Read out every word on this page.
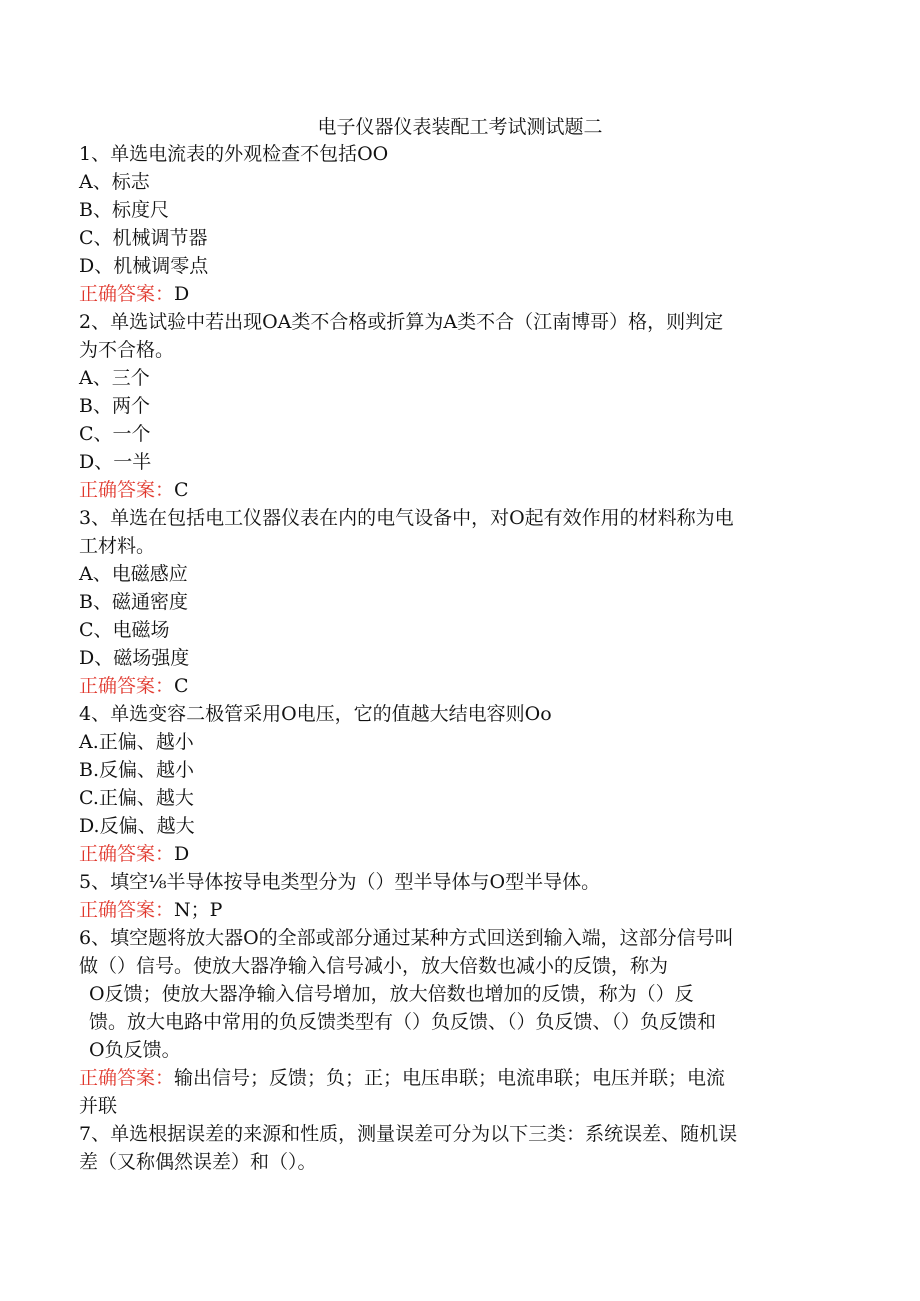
电子仪器仪表装配工考试测试题二
1、单选电流表的外观检查不包括OO
A、标志
B、标度尺
C、机械调节器
D、机械调零点
正确答案：D
2、单选试验中若出现OA类不合格或折算为A类不合（江南博哥）格，则判定
为不合格。
A、三个
B、两个
C、一个
D、一半
正确答案：C
3、单选在包括电工仪器仪表在内的电气设备中，对O起有效作用的材料称为电
工材料。
A、电磁感应
B、磁通密度
C、电磁场
D、磁场强度
正确答案：C
4、单选变容二极管采用O电压，它的值越大结电容则Oo
A.正偏、越小
B.反偏、越小
C.正偏、越大
D.反偏、越大
正确答案：D
5、填空⅛半导体按导电类型分为（）型半导体与O型半导体。
正确答案：N；P
6、填空题将放大器O的全部或部分通过某种方式回送到输入端，这部分信号叫
做（）信号。使放大器净输入信号减小，放大倍数也减小的反馈，称为
O反馈；使放大器净输入信号增加，放大倍数也增加的反馈，称为（）反
馈。放大电路中常用的负反馈类型有（）负反馈、（）负反馈、（）负反馈和
O负反馈。
正确答案：输出信号；反馈；负；正；电压串联；电流串联；电压并联；电流
并联
7、单选根据误差的来源和性质，测量误差可分为以下三类：系统误差、随机误
差（又称偶然误差）和（）。
